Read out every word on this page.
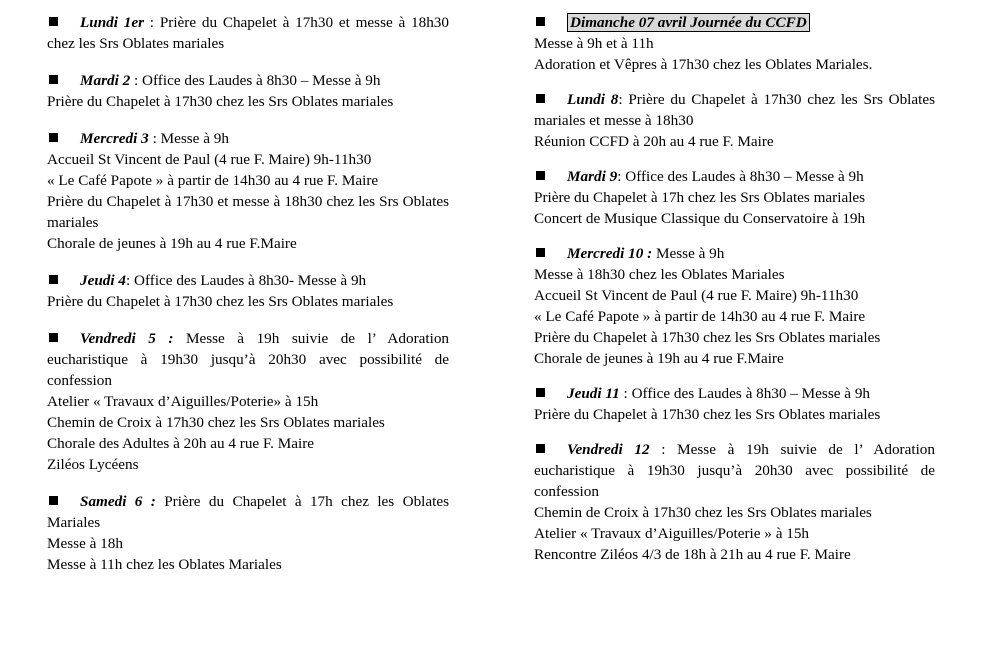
Lundi 1er : Prière du Chapelet à 17h30 et messe à 18h30 chez les Srs Oblates mariales
Mardi 2 : Office des Laudes à 8h30 – Messe à 9h
Prière du Chapelet à 17h30 chez les Srs Oblates mariales
Mercredi 3 : Messe à 9h
Accueil St Vincent de Paul (4 rue F. Maire) 9h-11h30
« Le Café Papote » à partir de 14h30 au 4 rue F. Maire
Prière du Chapelet à 17h30 et messe à 18h30 chez les Srs Oblates mariales
Chorale de jeunes à 19h au 4 rue F.Maire
Jeudi 4: Office des Laudes à 8h30- Messe à 9h
Prière du Chapelet à 17h30 chez les Srs Oblates mariales
Vendredi 5 : Messe à 19h suivie de l’ Adoration eucharistique à 19h30 jusqu’à 20h30 avec possibilité de confession
Atelier « Travaux d’Aiguilles/Poterie» à 15h
Chemin de Croix à 17h30 chez les Srs Oblates mariales
Chorale des Adultes à 20h au 4 rue F. Maire
Ziléos Lycéens
Samedi 6 : Prière du Chapelet à 17h chez les Oblates Mariales
Messe à 18h
Messe à 11h chez les Oblates Mariales
Dimanche 07 avril Journée du CCFD
Messe à 9h et à 11h
Adoration et Vêpres à 17h30 chez les Oblates Mariales.
Lundi 8: Prière du Chapelet à 17h30 chez les Srs Oblates mariales et messe à 18h30
Réunion CCFD à 20h au 4 rue F. Maire
Mardi 9: Office des Laudes à 8h30 – Messe à 9h
Prière du Chapelet à 17h chez les Srs Oblates mariales
Concert de Musique Classique du Conservatoire à 19h
Mercredi 10 : Messe à 9h
Messe à 18h30 chez les Oblates Mariales
Accueil St Vincent de Paul (4 rue F. Maire) 9h-11h30
« Le Café Papote » à partir de 14h30 au 4 rue F. Maire
Prière du Chapelet à 17h30 chez les Srs Oblates mariales
Chorale de jeunes à 19h au 4 rue F.Maire
Jeudi 11 : Office des Laudes à 8h30 – Messe à 9h
Prière du Chapelet à 17h30 chez les Srs Oblates mariales
Vendredi 12 : Messe à 19h suivie de l’ Adoration eucharistique à 19h30 jusqu’à 20h30 avec possibilité de confession
Chemin de Croix à 17h30 chez les Srs Oblates mariales
Atelier « Travaux d’Aiguilles/Poterie » à 15h
Rencontre Ziléos 4/3 de 18h à 21h au 4 rue F. Maire
